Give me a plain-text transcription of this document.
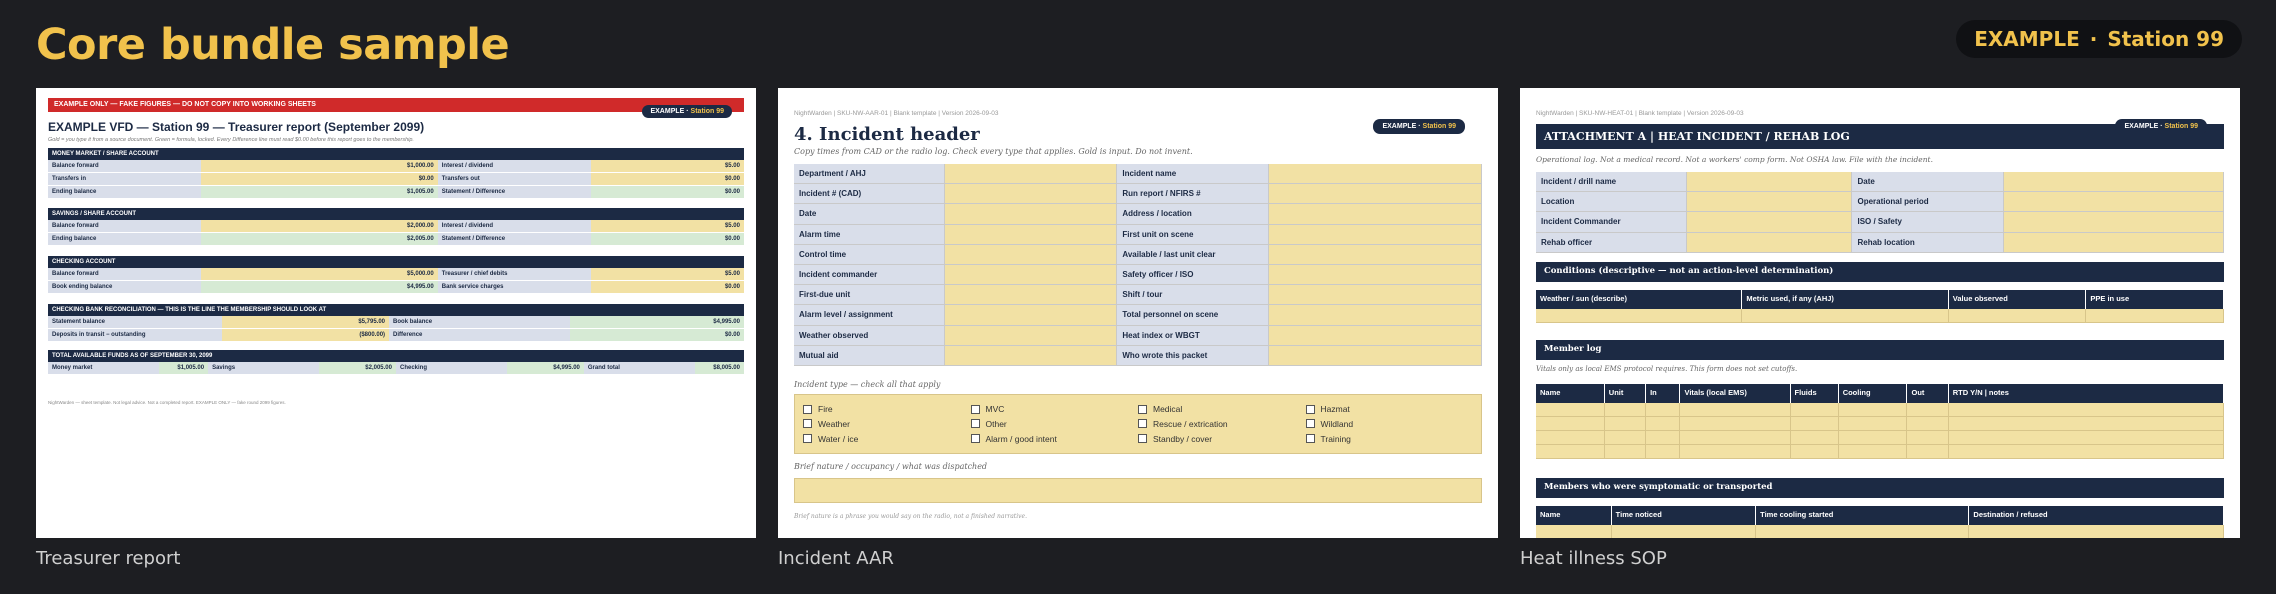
Core bundle sample	EXAMPLE · Station 99
EXAMPLE ONLY — FAKE FIGURES — DO NOT COPY INTO WORKING SHEETS
EXAMPLE · Station 99
EXAMPLE VFD — Station 99 — Treasurer report (September 2099)
Gold = you type it from a source document. Green = formula, locked. Every Difference line must read $0.00 before this report goes to the membership.
MONEY MARKET / SHARE ACCOUNT
Balance forward	$1,000.00	Interest / dividend	$5.00
Transfers in	$0.00	Transfers out	$0.00
Ending balance	$1,005.00	Statement / Difference	$0.00
SAVINGS / SHARE ACCOUNT
Balance forward	$2,000.00	Interest / dividend	$5.00
Ending balance	$2,005.00	Statement / Difference	$0.00
CHECKING ACCOUNT
Balance forward	$5,000.00	Treasurer / chief debits	$5.00
Book ending balance	$4,995.00	Bank service charges	$0.00
CHECKING BANK RECONCILIATION — THIS IS THE LINE THE MEMBERSHIP SHOULD LOOK AT
Statement balance	$5,795.00	Book balance	$4,995.00
Deposits in transit − outstanding	($800.00)	Difference	$0.00
TOTAL AVAILABLE FUNDS AS OF SEPTEMBER 30, 2099
Money market	$1,005.00	Savings	$2,005.00	Checking	$4,995.00	Grand total	$8,005.00
NightWarden — sheet template. Not legal advice. Not a completed report. EXAMPLE ONLY — fake round 2099 figures.
Treasurer report
NightWarden | SKU-NW-AAR-01 | Blank template | Version 2026-09-03
EXAMPLE · Station 99
4. Incident header
Copy times from CAD or the radio log. Check every type that applies. Gold is input. Do not invent.
Department / AHJ	Incident name
Incident # (CAD)	Run report / NFIRS #
Date	Address / location
Alarm time	First unit on scene
Control time	Available / last unit clear
Incident commander	Safety officer / ISO
First-due unit	Shift / tour
Alarm level / assignment	Total personnel on scene
Weather observed	Heat index or WBGT
Mutual aid	Who wrote this packet
Incident type — check all that apply
Fire	MVC	Medical	Hazmat
Weather	Other	Rescue / extrication	Wildland
Water / ice	Alarm / good intent	Standby / cover	Training
Brief nature / occupancy / what was dispatched
Brief nature is a phrase you would say on the radio, not a finished narrative.
Incident AAR
NightWarden | SKU-NW-HEAT-01 | Blank template | Version 2026-09-03
ATTACHMENT A | HEAT INCIDENT / REHAB LOG
EXAMPLE · Station 99
Operational log. Not a medical record. Not a workers' comp form. Not OSHA law. File with the incident.
Incident / drill name	Date
Location	Operational period
Incident Commander	ISO / Safety
Rehab officer	Rehab location
Conditions (descriptive — not an action-level determination)
Weather / sun (describe)	Metric used, if any (AHJ)	Value observed	PPE in use
Member log
Vitals only as local EMS protocol requires. This form does not set cutoffs.
Name	Unit	In	Vitals (local EMS)	Fluids	Cooling	Out	RTD Y/N | notes
Members who were symptomatic or transported
Name	Time noticed	Time cooling started	Destination / refused
Heat illness SOP
